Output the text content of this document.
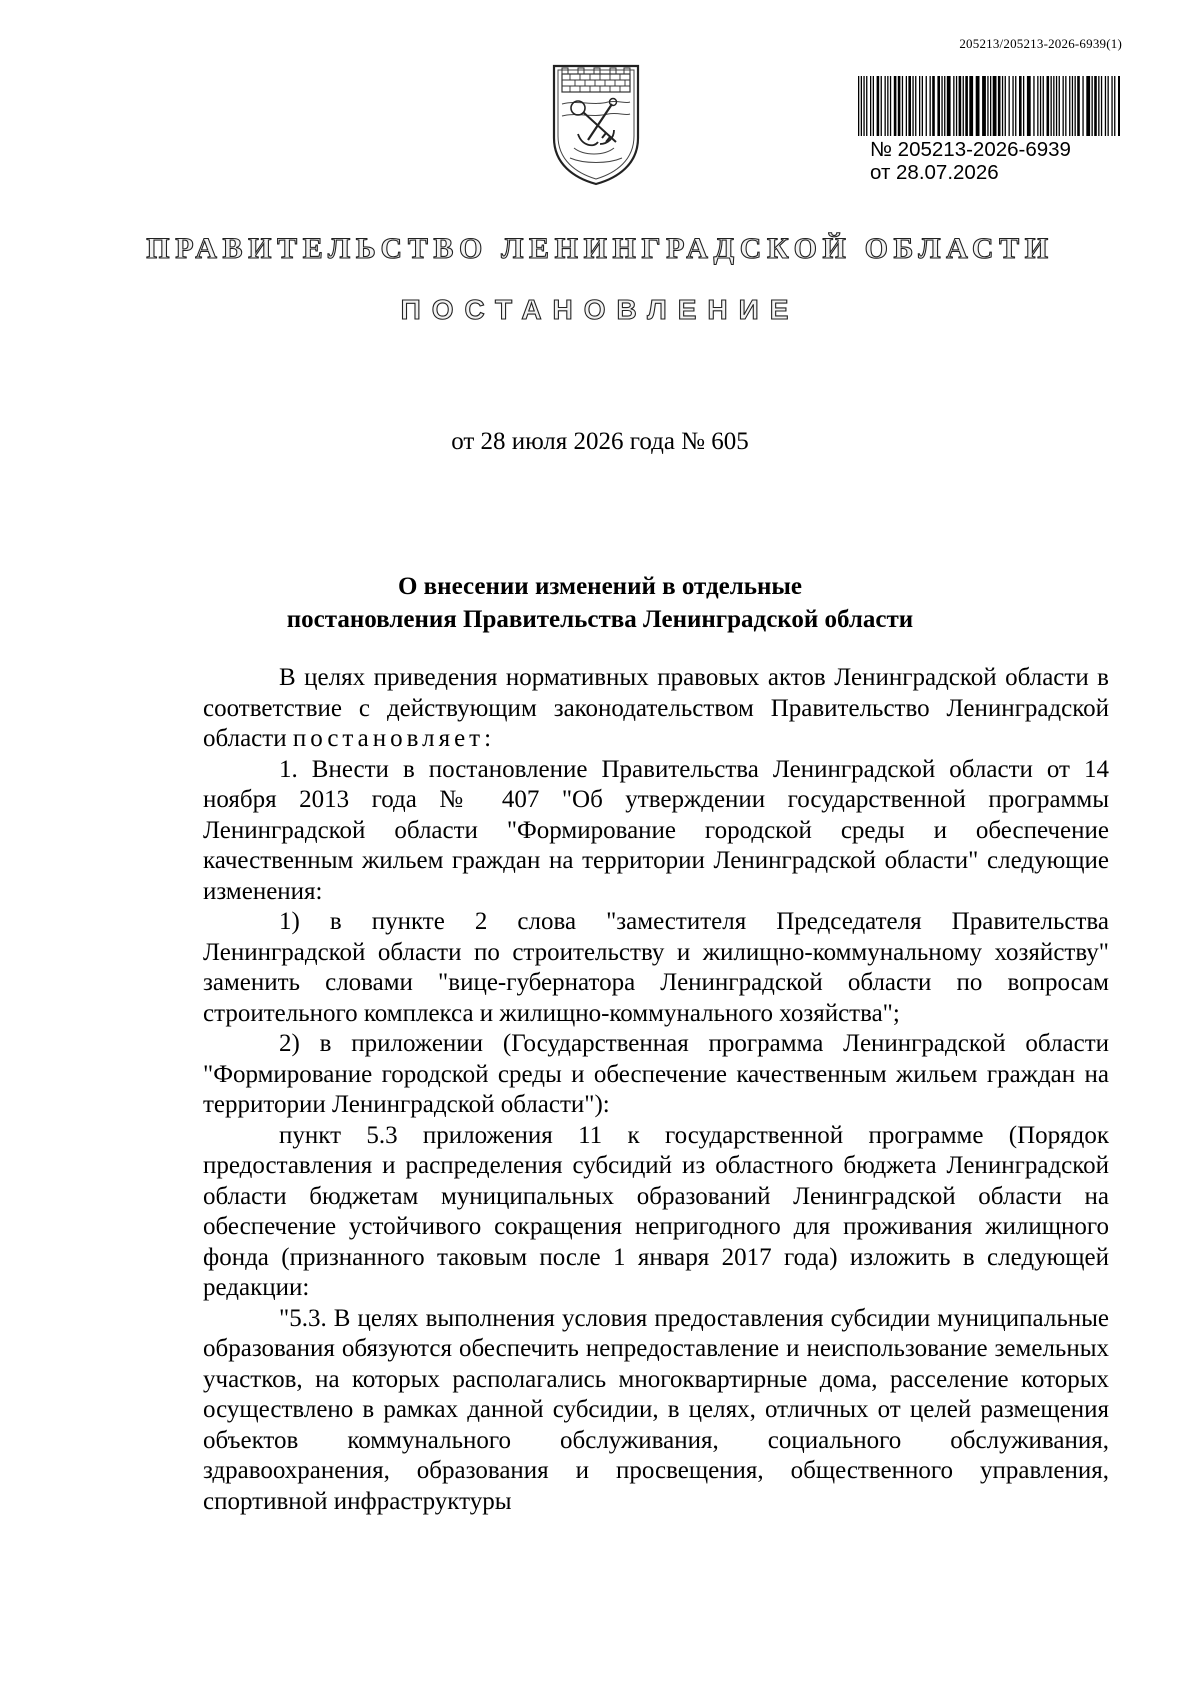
205213/205213-2026-6939(1)
№ 205213-2026-6939
от 28.07.2026
ПРАВИТЕЛЬСТВО ЛЕНИНГРАДСКОЙ ОБЛАСТИ
ПОСТАНОВЛЕНИЕ
от 28 июля 2026 года № 605
О внесении изменений в отдельные
постановления Правительства Ленинградской области

В целях приведения нормативных правовых актов Ленинградской области в соответствие с действующим законодательством Правительство Ленинградской области постановляет:

1. Внести в постановление Правительства Ленинградской области от 14 ноября 2013 года № 407 "Об утверждении государственной программы Ленинградской области "Формирование городской среды и обеспечение качественным жильем граждан на территории Ленинградской области" следующие изменения:

1) в пункте 2 слова "заместителя Председателя Правительства Ленинградской области по строительству и жилищно-коммунальному хозяйству" заменить словами "вице-губернатора Ленинградской области по вопросам строительного комплекса и жилищно-коммунального хозяйства";

2) в приложении (Государственная программа Ленинградской области "Формирование городской среды и обеспечение качественным жильем граждан на территории Ленинградской области"):

пункт 5.3 приложения 11 к государственной программе (Порядок предоставления и распределения субсидий из областного бюджета Ленинградской области бюджетам муниципальных образований Ленинградской области на обеспечение устойчивого сокращения непригодного для проживания жилищного фонда (признанного таковым после 1 января 2017 года) изложить в следующей редакции:

"5.3. В целях выполнения условия предоставления субсидии муниципальные образования обязуются обеспечить непредоставление и неиспользование земельных участков, на которых располагались многоквартирные дома, расселение которых осуществлено в рамках данной субсидии, в целях, отличных от целей размещения объектов коммунального обслуживания, социального обслуживания, здравоохранения, образования и просвещения, общественного управления, спортивной инфраструктуры
